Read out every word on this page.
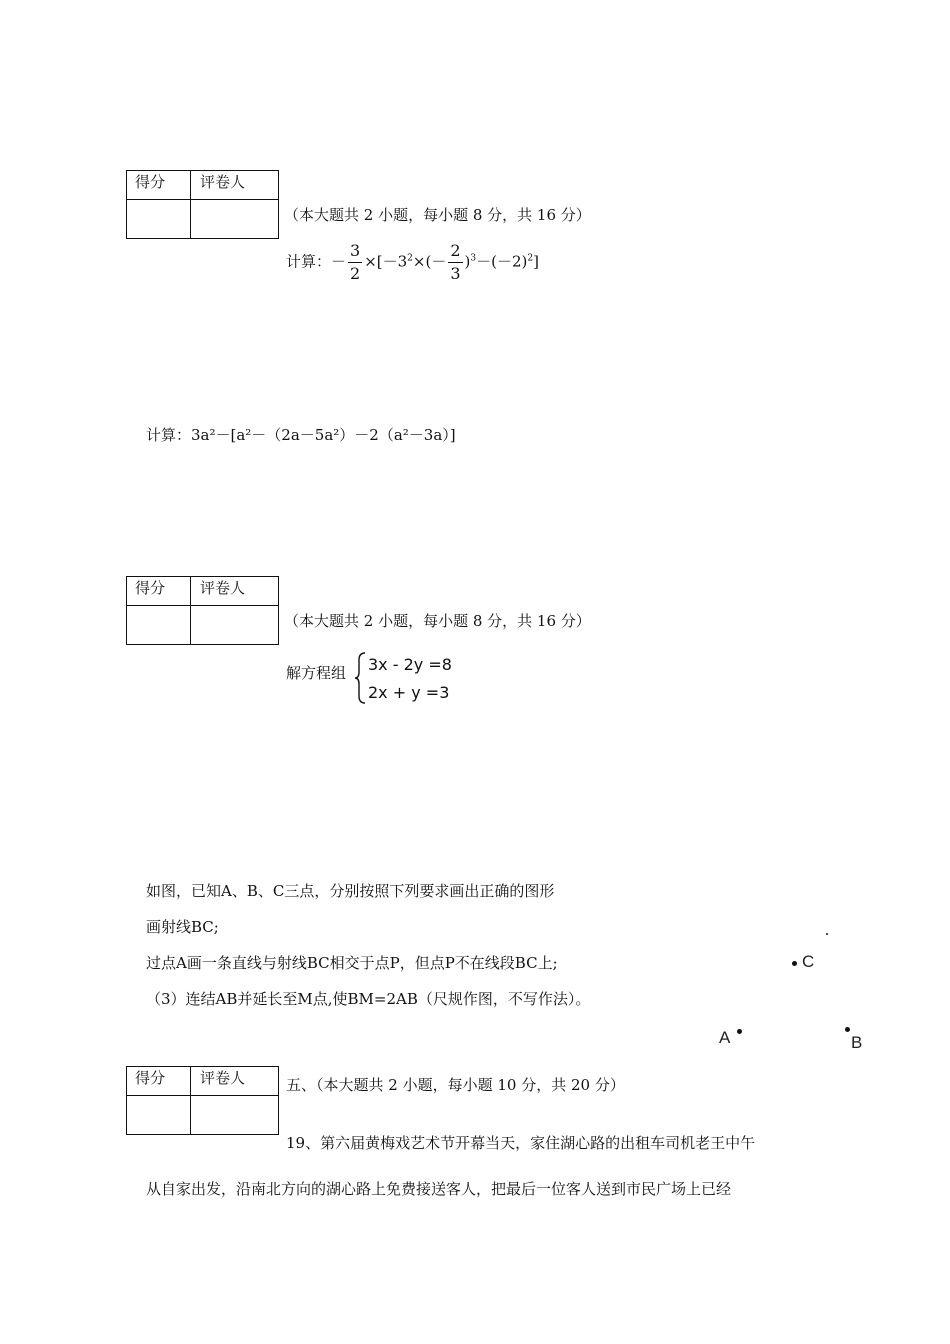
得分	评卷人

（本大题共 2 小题，每小题 8 分，共 16 分）
计算：－ $\frac{3}{2} \times[-3^2\times(- \frac{2}{3} )^3-(-2)^2]$
计算：3a²－[a²－（2a－5a²）－2（a²－3a）]
得分	评卷人

（本大题共 2 小题，每小题 8 分，共 16 分）
解方程组 3x - 2y =8
2x + y =3
如图，已知A、B、C三点，分别按照下列要求画出正确的图形
画射线BC;
过点A画一条直线与射线BC相交于点P，但点P不在线段BC上;
（3）连结AB并延长至M点,使BM=2AB（尺规作图，不写作法）。
C
A	B
得分	评卷人
		五、（本大题共 2 小题，每小题 10 分，共 20 分）
19、第六届黄梅戏艺术节开幕当天，家住湖心路的出租车司机老王中午
从自家出发，沿南北方向的湖心路上免费接送客人，把最后一位客人送到市民广场上已经
